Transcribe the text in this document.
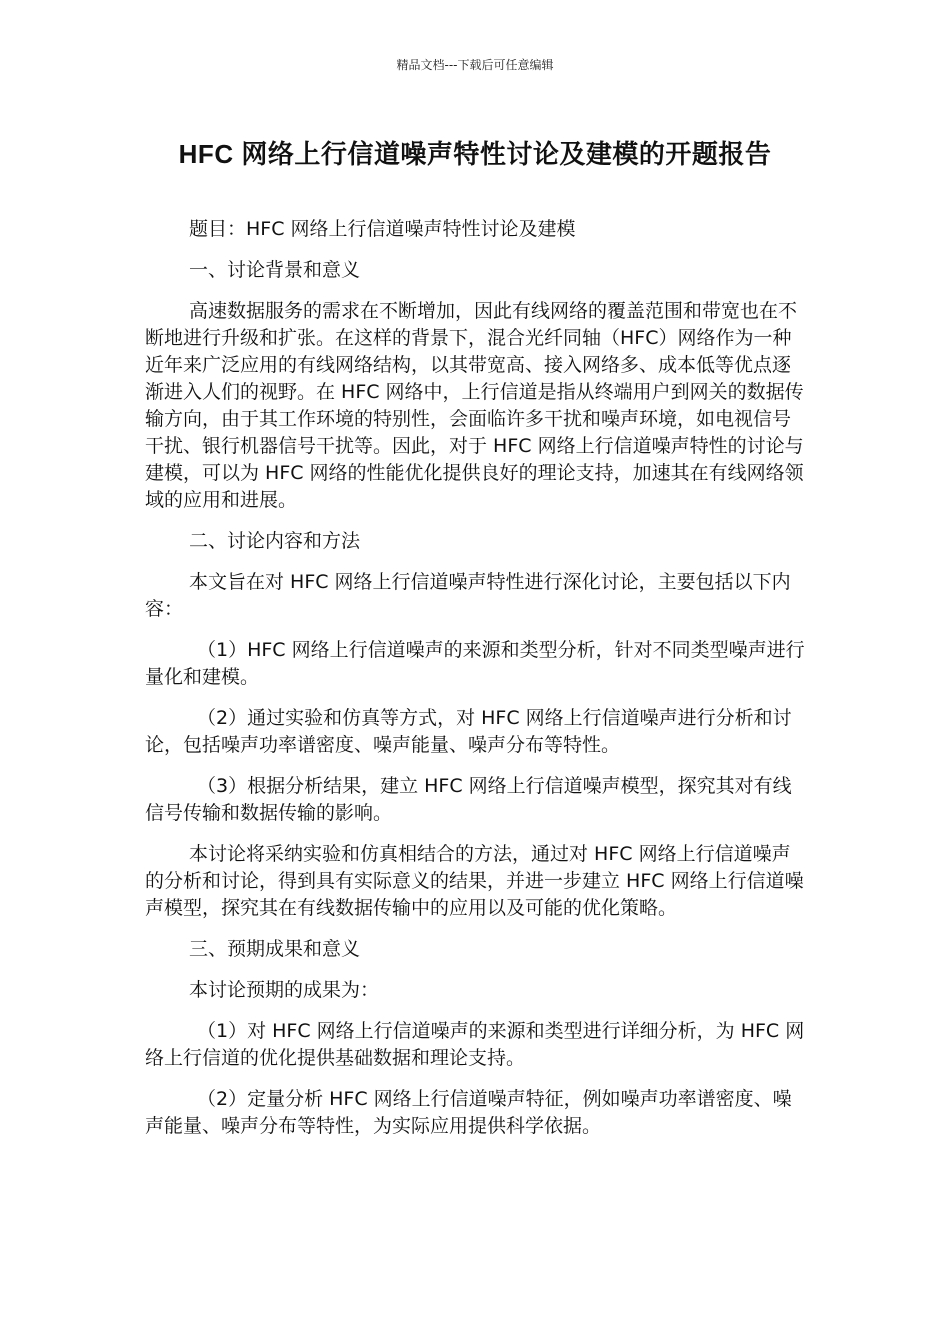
精品文档---下载后可任意编辑
HFC 网络上行信道噪声特性讨论及建模的开题报告

题目：HFC 网络上行信道噪声特性讨论及建模

一、讨论背景和意义

高速数据服务的需求在不断增加，因此有线网络的覆盖范围和带宽也在不断地进行升级和扩张。在这样的背景下，混合光纤同轴（HFC）网络作为一种近年来广泛应用的有线网络结构，以其带宽高、接入网络多、成本低等优点逐渐进入人们的视野。在 HFC 网络中，上行信道是指从终端用户到网关的数据传输方向，由于其工作环境的特别性，会面临许多干扰和噪声环境，如电视信号干扰、银行机器信号干扰等。因此，对于 HFC 网络上行信道噪声特性的讨论与建模，可以为 HFC 网络的性能优化提供良好的理论支持，加速其在有线网络领域的应用和进展。

二、讨论内容和方法

本文旨在对 HFC 网络上行信道噪声特性进行深化讨论，主要包括以下内容：

（1）HFC 网络上行信道噪声的来源和类型分析，针对不同类型噪声进行量化和建模。

（2）通过实验和仿真等方式，对 HFC 网络上行信道噪声进行分析和讨论，包括噪声功率谱密度、噪声能量、噪声分布等特性。

（3）根据分析结果，建立 HFC 网络上行信道噪声模型，探究其对有线信号传输和数据传输的影响。

本讨论将采纳实验和仿真相结合的方法，通过对 HFC 网络上行信道噪声的分析和讨论，得到具有实际意义的结果，并进一步建立 HFC 网络上行信道噪声模型，探究其在有线数据传输中的应用以及可能的优化策略。

三、预期成果和意义

本讨论预期的成果为：

（1）对 HFC 网络上行信道噪声的来源和类型进行详细分析，为 HFC 网络上行信道的优化提供基础数据和理论支持。

（2）定量分析 HFC 网络上行信道噪声特征，例如噪声功率谱密度、噪声能量、噪声分布等特性，为实际应用提供科学依据。
